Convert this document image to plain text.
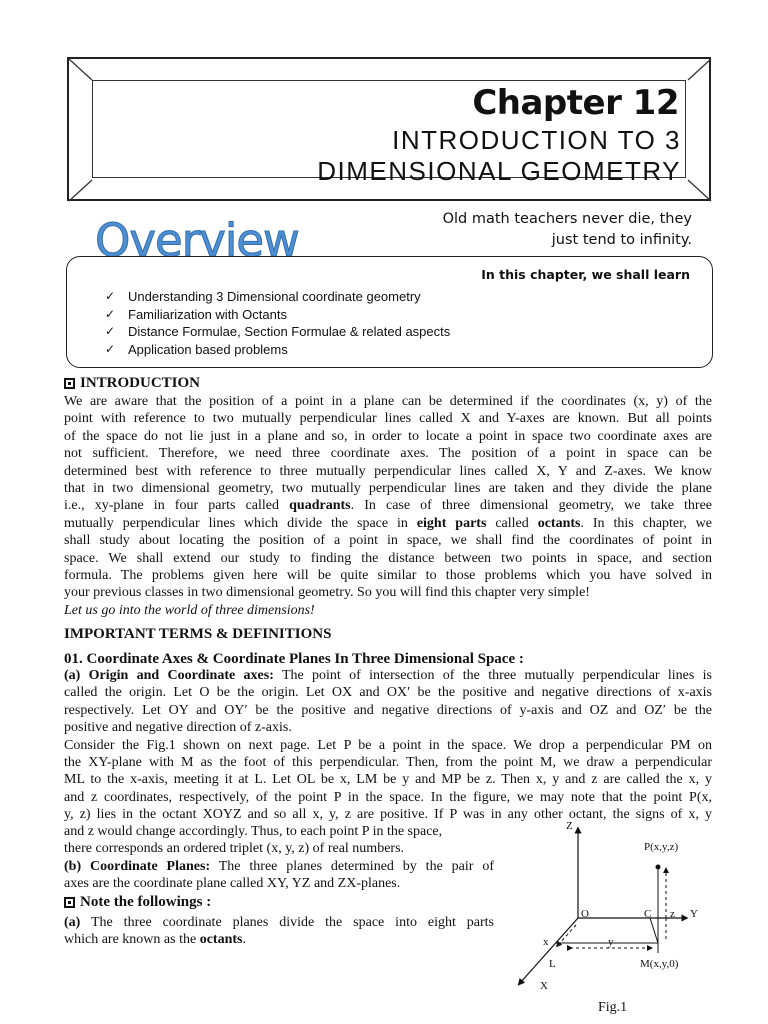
Chapter 12
INTRODUCTION TO 3
DIMENSIONAL GEOMETRY
Old math teachers never die, they
just tend to infinity.
Overview
In this chapter, we shall learn
✓ Understanding 3 Dimensional coordinate geometry
✓ Familiarization with Octants
✓ Distance Formulae, Section Formulae & related aspects
✓ Application based problems
INTRODUCTION
We are aware that the position of a point in a plane can be determined if the coordinates (x, y) of the
point with reference to two mutually perpendicular lines called X and Y-axes are known. But all points
of the space do not lie just in a plane and so, in order to locate a point in space two coordinate axes are
not sufficient. Therefore, we need three coordinate axes. The position of a point in space can be
determined best with reference to three mutually perpendicular lines called X, Y and Z-axes. We know
that in two dimensional geometry, two mutually perpendicular lines are taken and they divide the plane
i.e., xy-plane in four parts called quadrants. In case of three dimensional geometry, we take three
mutually perpendicular lines which divide the space in eight parts called octants. In this chapter, we
shall study about locating the position of a point in space, we shall find the coordinates of point in
space. We shall extend our study to finding the distance between two points in space, and section
formula. The problems given here will be quite similar to those problems which you have solved in
your previous classes in two dimensional geometry. So you will find this chapter very simple!
Let us go into the world of three dimensions!
IMPORTANT TERMS & DEFINITIONS
01. Coordinate Axes & Coordinate Planes In Three Dimensional Space :
(a) Origin and Coordinate axes: The point of intersection of the three mutually perpendicular lines is
called the origin. Let O be the origin. Let OX and OX′ be the positive and negative directions of x-axis
respectively. Let OY and OY′ be the positive and negative directions of y-axis and OZ and OZ′ be the
positive and negative direction of z-axis.
Consider the Fig.1 shown on next page. Let P be a point in the space. We drop a perpendicular PM on
the XY-plane with M as the foot of this perpendicular. Then, from the point M, we draw a perpendicular
ML to the x-axis, meeting it at L. Let OL be x, LM be y and MP be z. Then x, y and z are called the x, y
and z coordinates, respectively, of the point P in the space. In the figure, we may note that the point P(x,
y, z) lies in the octant XOYZ and so all x, y, z are positive. If P was in any other octant, the signs of x, y
and z would change accordingly. Thus, to each point P in the space,
there corresponds an ordered triplet (x, y, z) of real numbers.
(b) Coordinate Planes: The three planes determined by the pair of
axes are the coordinate plane called XY, YZ and ZX-planes.
Note the followings :
(a) The three coordinate planes divide the space into eight parts
which are known as the octants.
Z
P(x,y,z)
O	C z Y
x	y
L	M(x,y,0)
X
Fig.1
